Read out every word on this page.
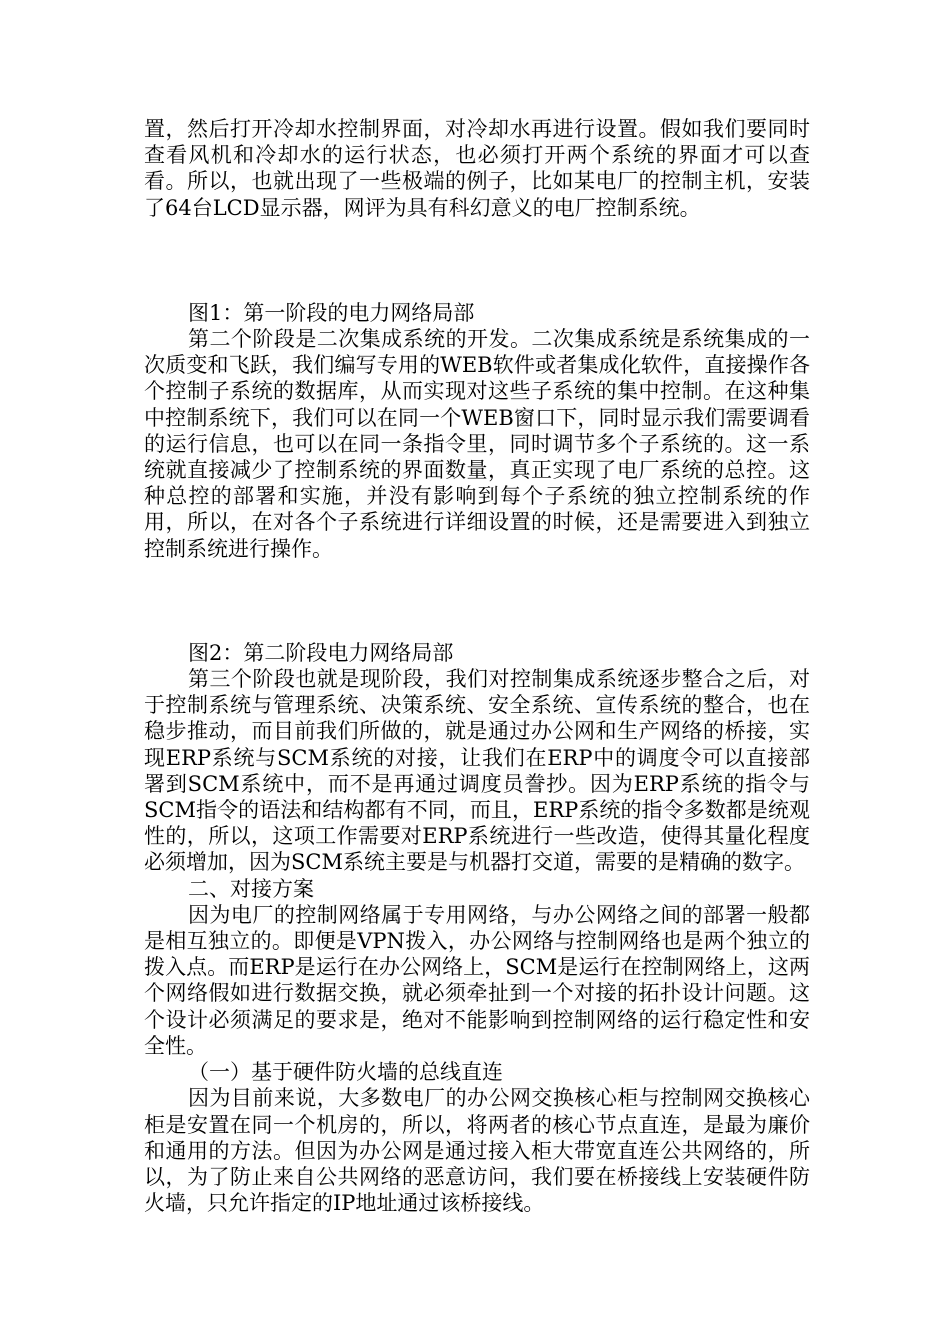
置，然后打开冷却水控制界面，对冷却水再进行设置。假如我们要同时查看风机和冷却水的运行状态，也必须打开两个系统的界面才可以查看。所以，也就出现了一些极端的例子，比如某电厂的控制主机，安装了64台LCD显示器，网评为具有科幻意义的电厂控制系统。

图1：第一阶段的电力网络局部

第二个阶段是二次集成系统的开发。二次集成系统是系统集成的一次质变和飞跃，我们编写专用的WEB软件或者集成化软件，直接操作各个控制子系统的数据库，从而实现对这些子系统的集中控制。在这种集中控制系统下，我们可以在同一个WEB窗口下，同时显示我们需要调看的运行信息，也可以在同一条指令里，同时调节多个子系统的。这一系统就直接减少了控制系统的界面数量，真正实现了电厂系统的总控。这种总控的部署和实施，并没有影响到每个子系统的独立控制系统的作用，所以，在对各个子系统进行详细设置的时候，还是需要进入到独立控制系统进行操作。

图2：第二阶段电力网络局部

第三个阶段也就是现阶段，我们对控制集成系统逐步整合之后，对于控制系统与管理系统、决策系统、安全系统、宣传系统的整合，也在稳步推动，而目前我们所做的，就是通过办公网和生产网络的桥接，实现ERP系统与SCM系统的对接，让我们在ERP中的调度令可以直接部署到SCM系统中，而不是再通过调度员誊抄。因为ERP系统的指令与SCM指令的语法和结构都有不同，而且，ERP系统的指令多数都是统观性的，所以，这项工作需要对ERP系统进行一些改造，使得其量化程度必须增加，因为SCM系统主要是与机器打交道，需要的是精确的数字。

二、对接方案

因为电厂的控制网络属于专用网络，与办公网络之间的部署一般都是相互独立的。即便是VPN拨入，办公网络与控制网络也是两个独立的拨入点。而ERP是运行在办公网络上，SCM是运行在控制网络上，这两个网络假如进行数据交换，就必须牵扯到一个对接的拓扑设计问题。这个设计必须满足的要求是，绝对不能影响到控制网络的运行稳定性和安全性。

（一）基于硬件防火墙的总线直连

因为目前来说，大多数电厂的办公网交换核心柜与控制网交换核心柜是安置在同一个机房的，所以，将两者的核心节点直连，是最为廉价和通用的方法。但因为办公网是通过接入柜大带宽直连公共网络的，所以，为了防止来自公共网络的恶意访问，我们要在桥接线上安装硬件防火墙，只允许指定的IP地址通过该桥接线。
